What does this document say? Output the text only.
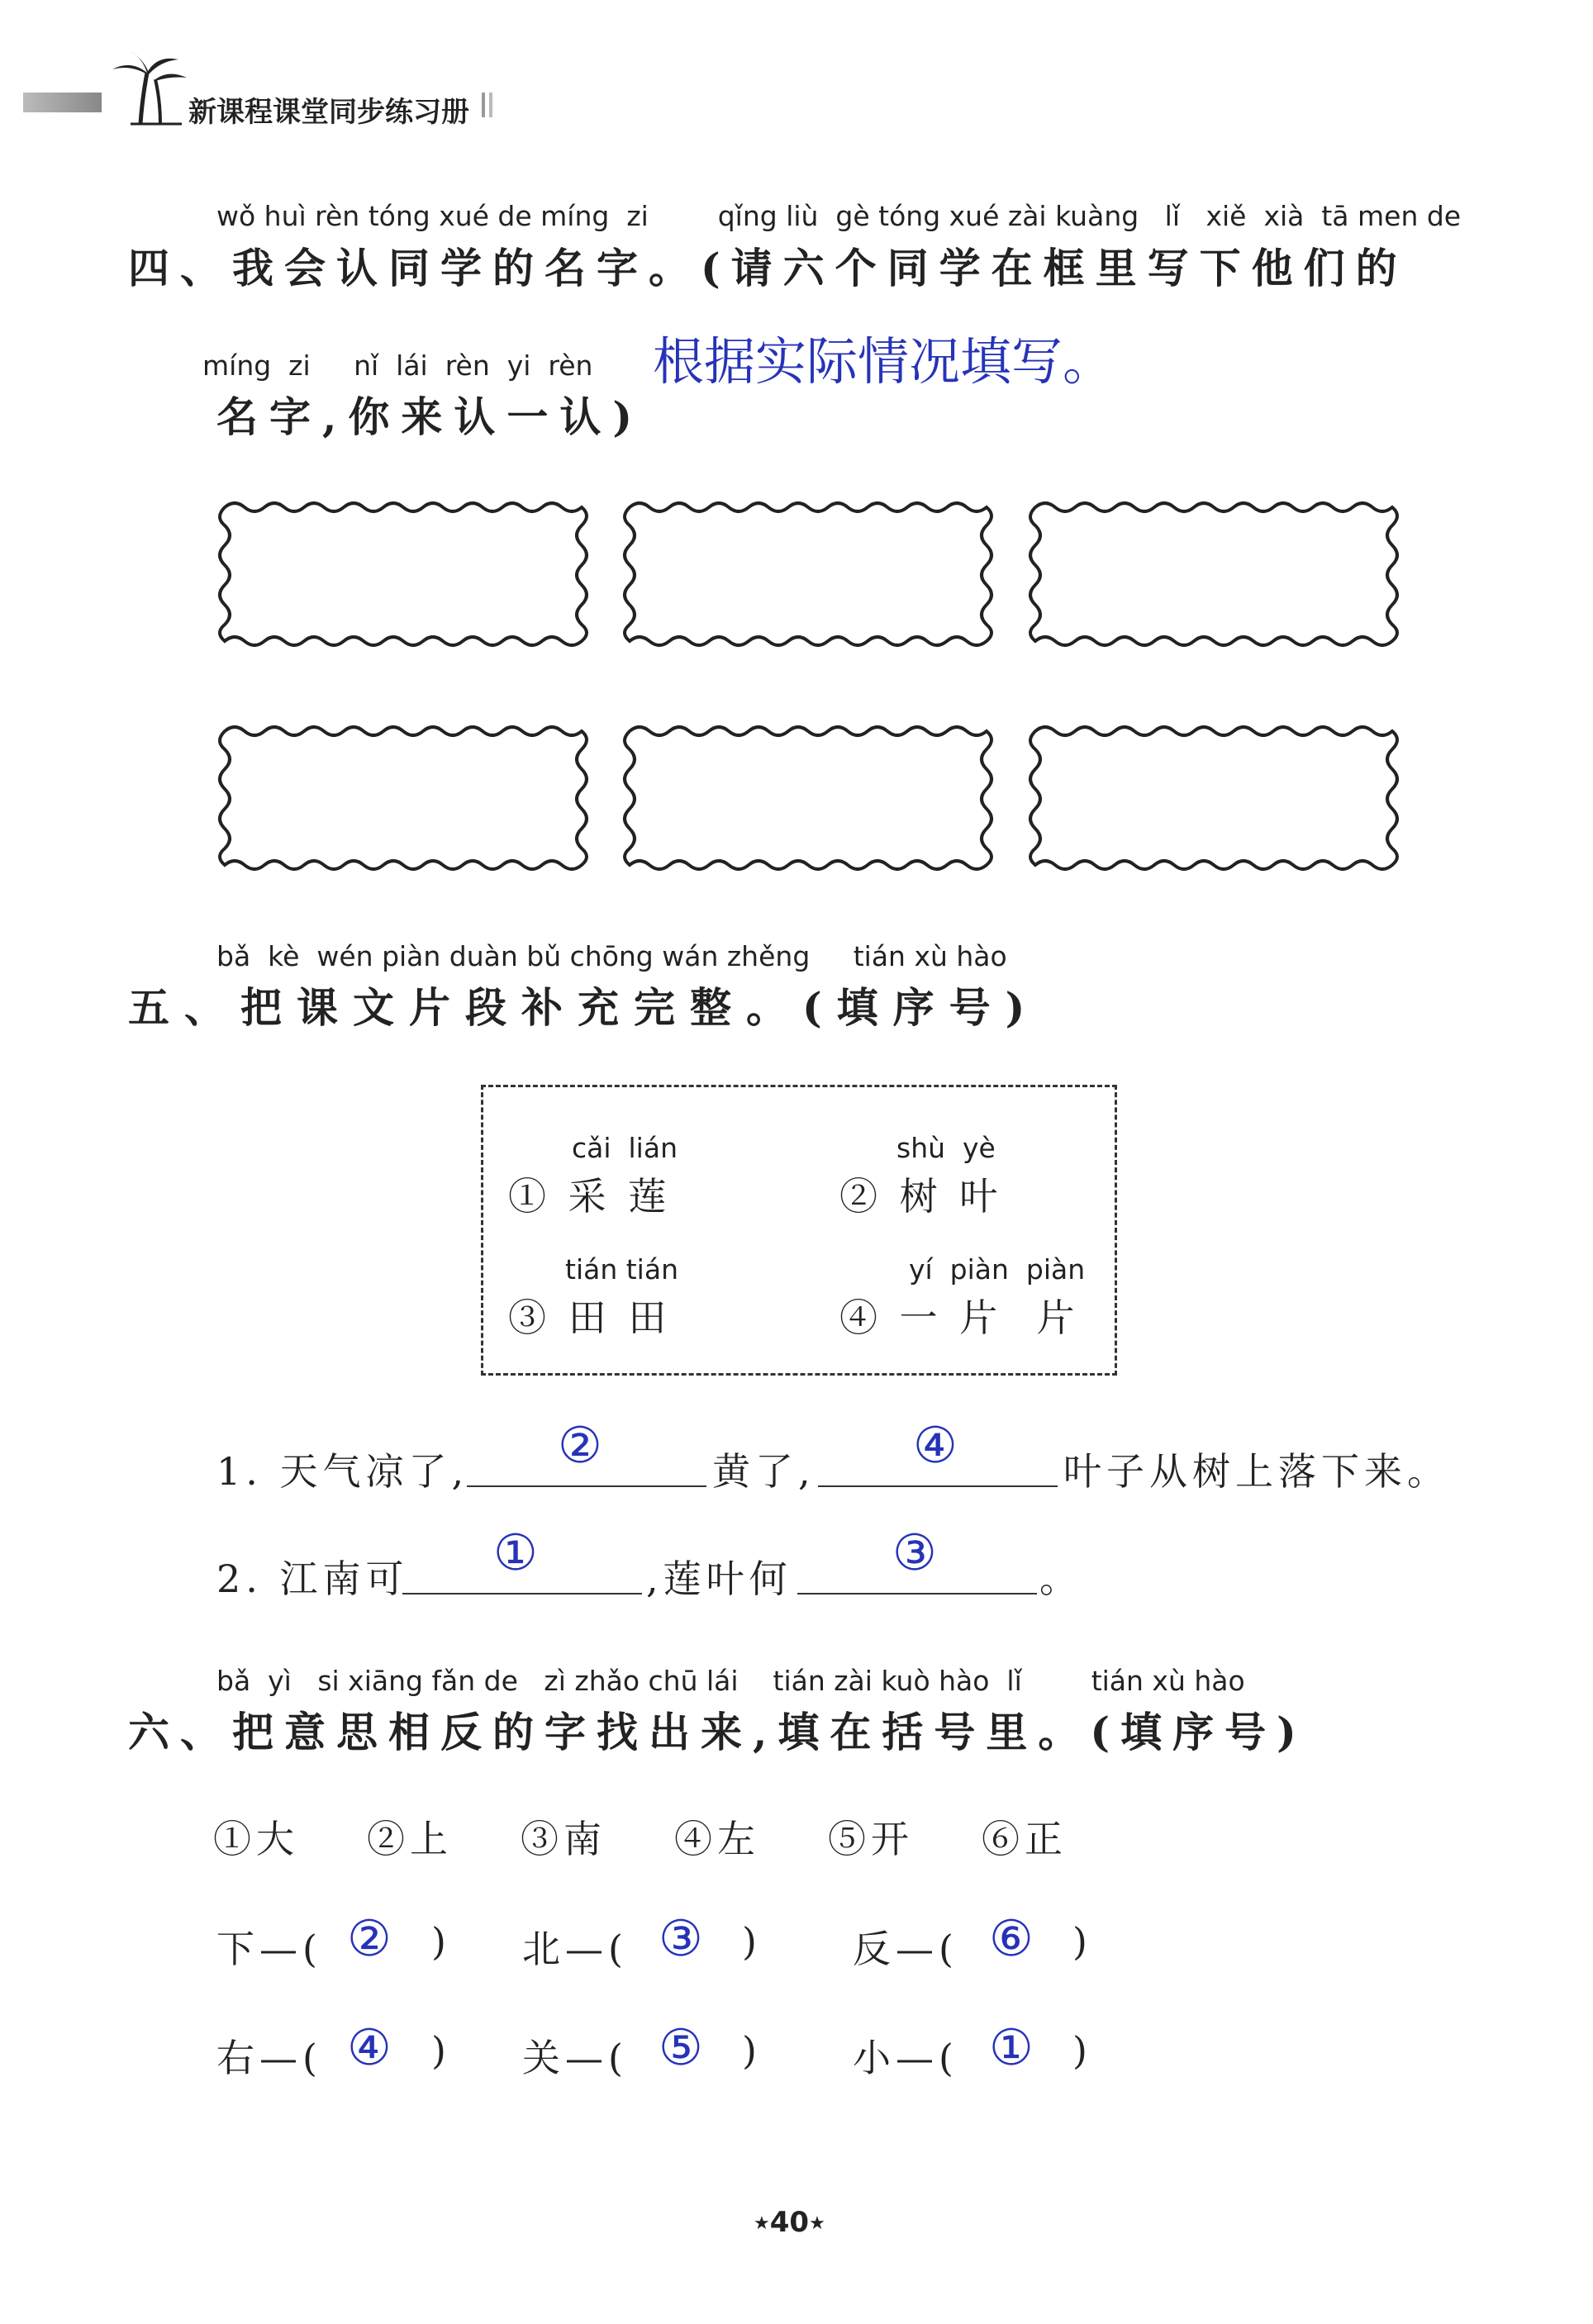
新课程课堂同步练习册
wǒ huì rèn tóng xué de míng  zi        qǐng liù  gè tóng xué zài kuàng   lǐ   xiě  xià  tā men de
四、我会认同学的名字。(请六个同学在框里写下他们的
míng  zi     nǐ  lái  rèn  yi  rèn
名字,你来认一认)
根据实际情况填写。
bǎ  kè  wén piàn duàn bǔ chōng wán zhěng     tián xù hào
五、把课文片段补充完整。(填序号)
cǎi  lián
① 采 莲
shù  yè
② 树 叶
tián tián
③ 田 田
yí  piàn  piàn
④ 一 片  片
1. 天气凉了, ②	黄了, ④	叶子从树上落下来。
2. 江南可 ①	,莲叶何 ③	。
bǎ  yì   si xiāng fǎn de   zì zhǎo chū lái    tián zài kuò hào  lǐ        tián xù hào
六、把意思相反的字找出来,填在括号里。(填序号)
①大 ②上 ③南 ④左 ⑤开 ⑥正
下—( ② ) 北—( ③ ) 反—( ⑥ )
右—( ④ ) 关—( ⑤ ) 小—( ① )
★40★
